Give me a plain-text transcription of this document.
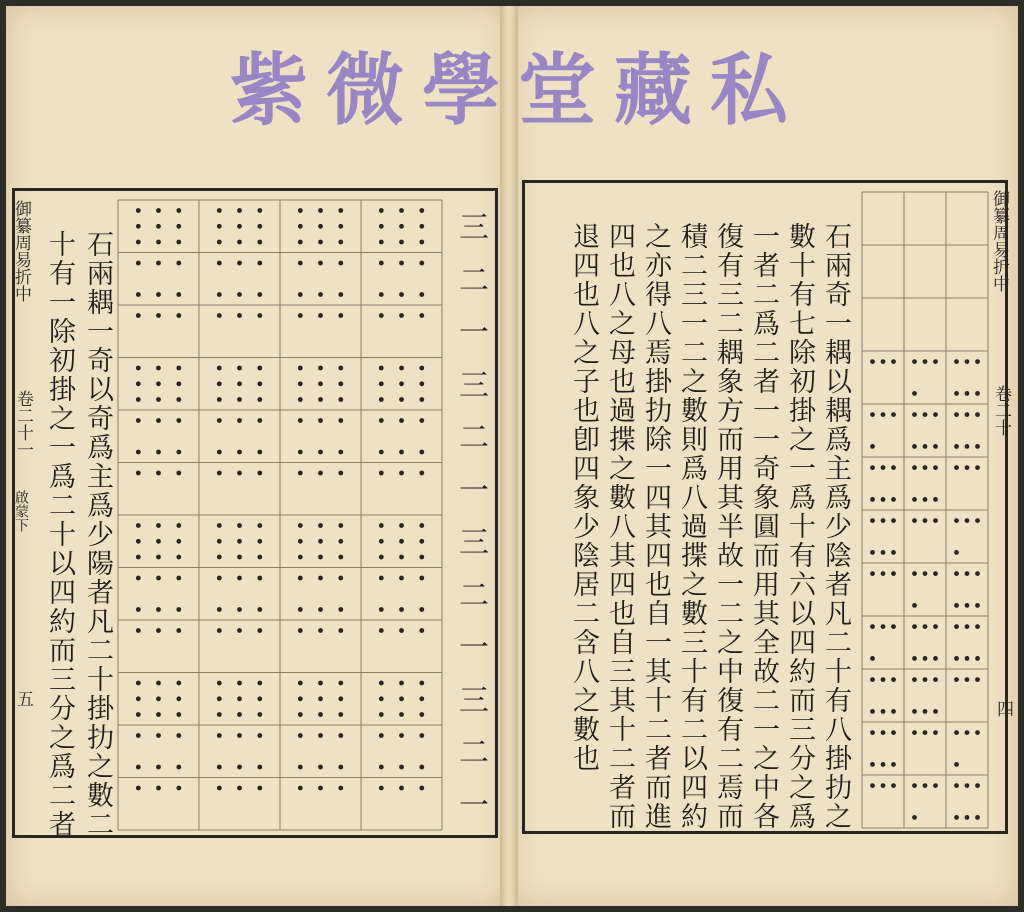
紫 微 學 堂 藏 私
御纂周易折中
卷二十一
啟蒙下
五 石兩耦一奇以奇爲主爲少陽者凡二十掛扐之數二
十有一除初掛之一爲二十以四約而三分之爲二者
三
二
一
三
二
一
三
二
一
三
二
一	石兩奇一耦以耦爲主爲少陰者凡二十有八掛扐之
數十有七除初掛之一爲十有六以四約而三分之爲
一者二爲二者一一奇象圓而用其全故二一之中各
復有三二耦象方而用其半故一二之中復有二焉而
積二三一二之數則爲八過揲之數三十有二以四約
之亦得八焉掛扐除一四其四也自一其十二者而進
四也八之母也過揲之數八其四也自三其十二者而
退四也八之子也卽四象少陰居二含八之數也	御纂周易折中
卷二十
四
